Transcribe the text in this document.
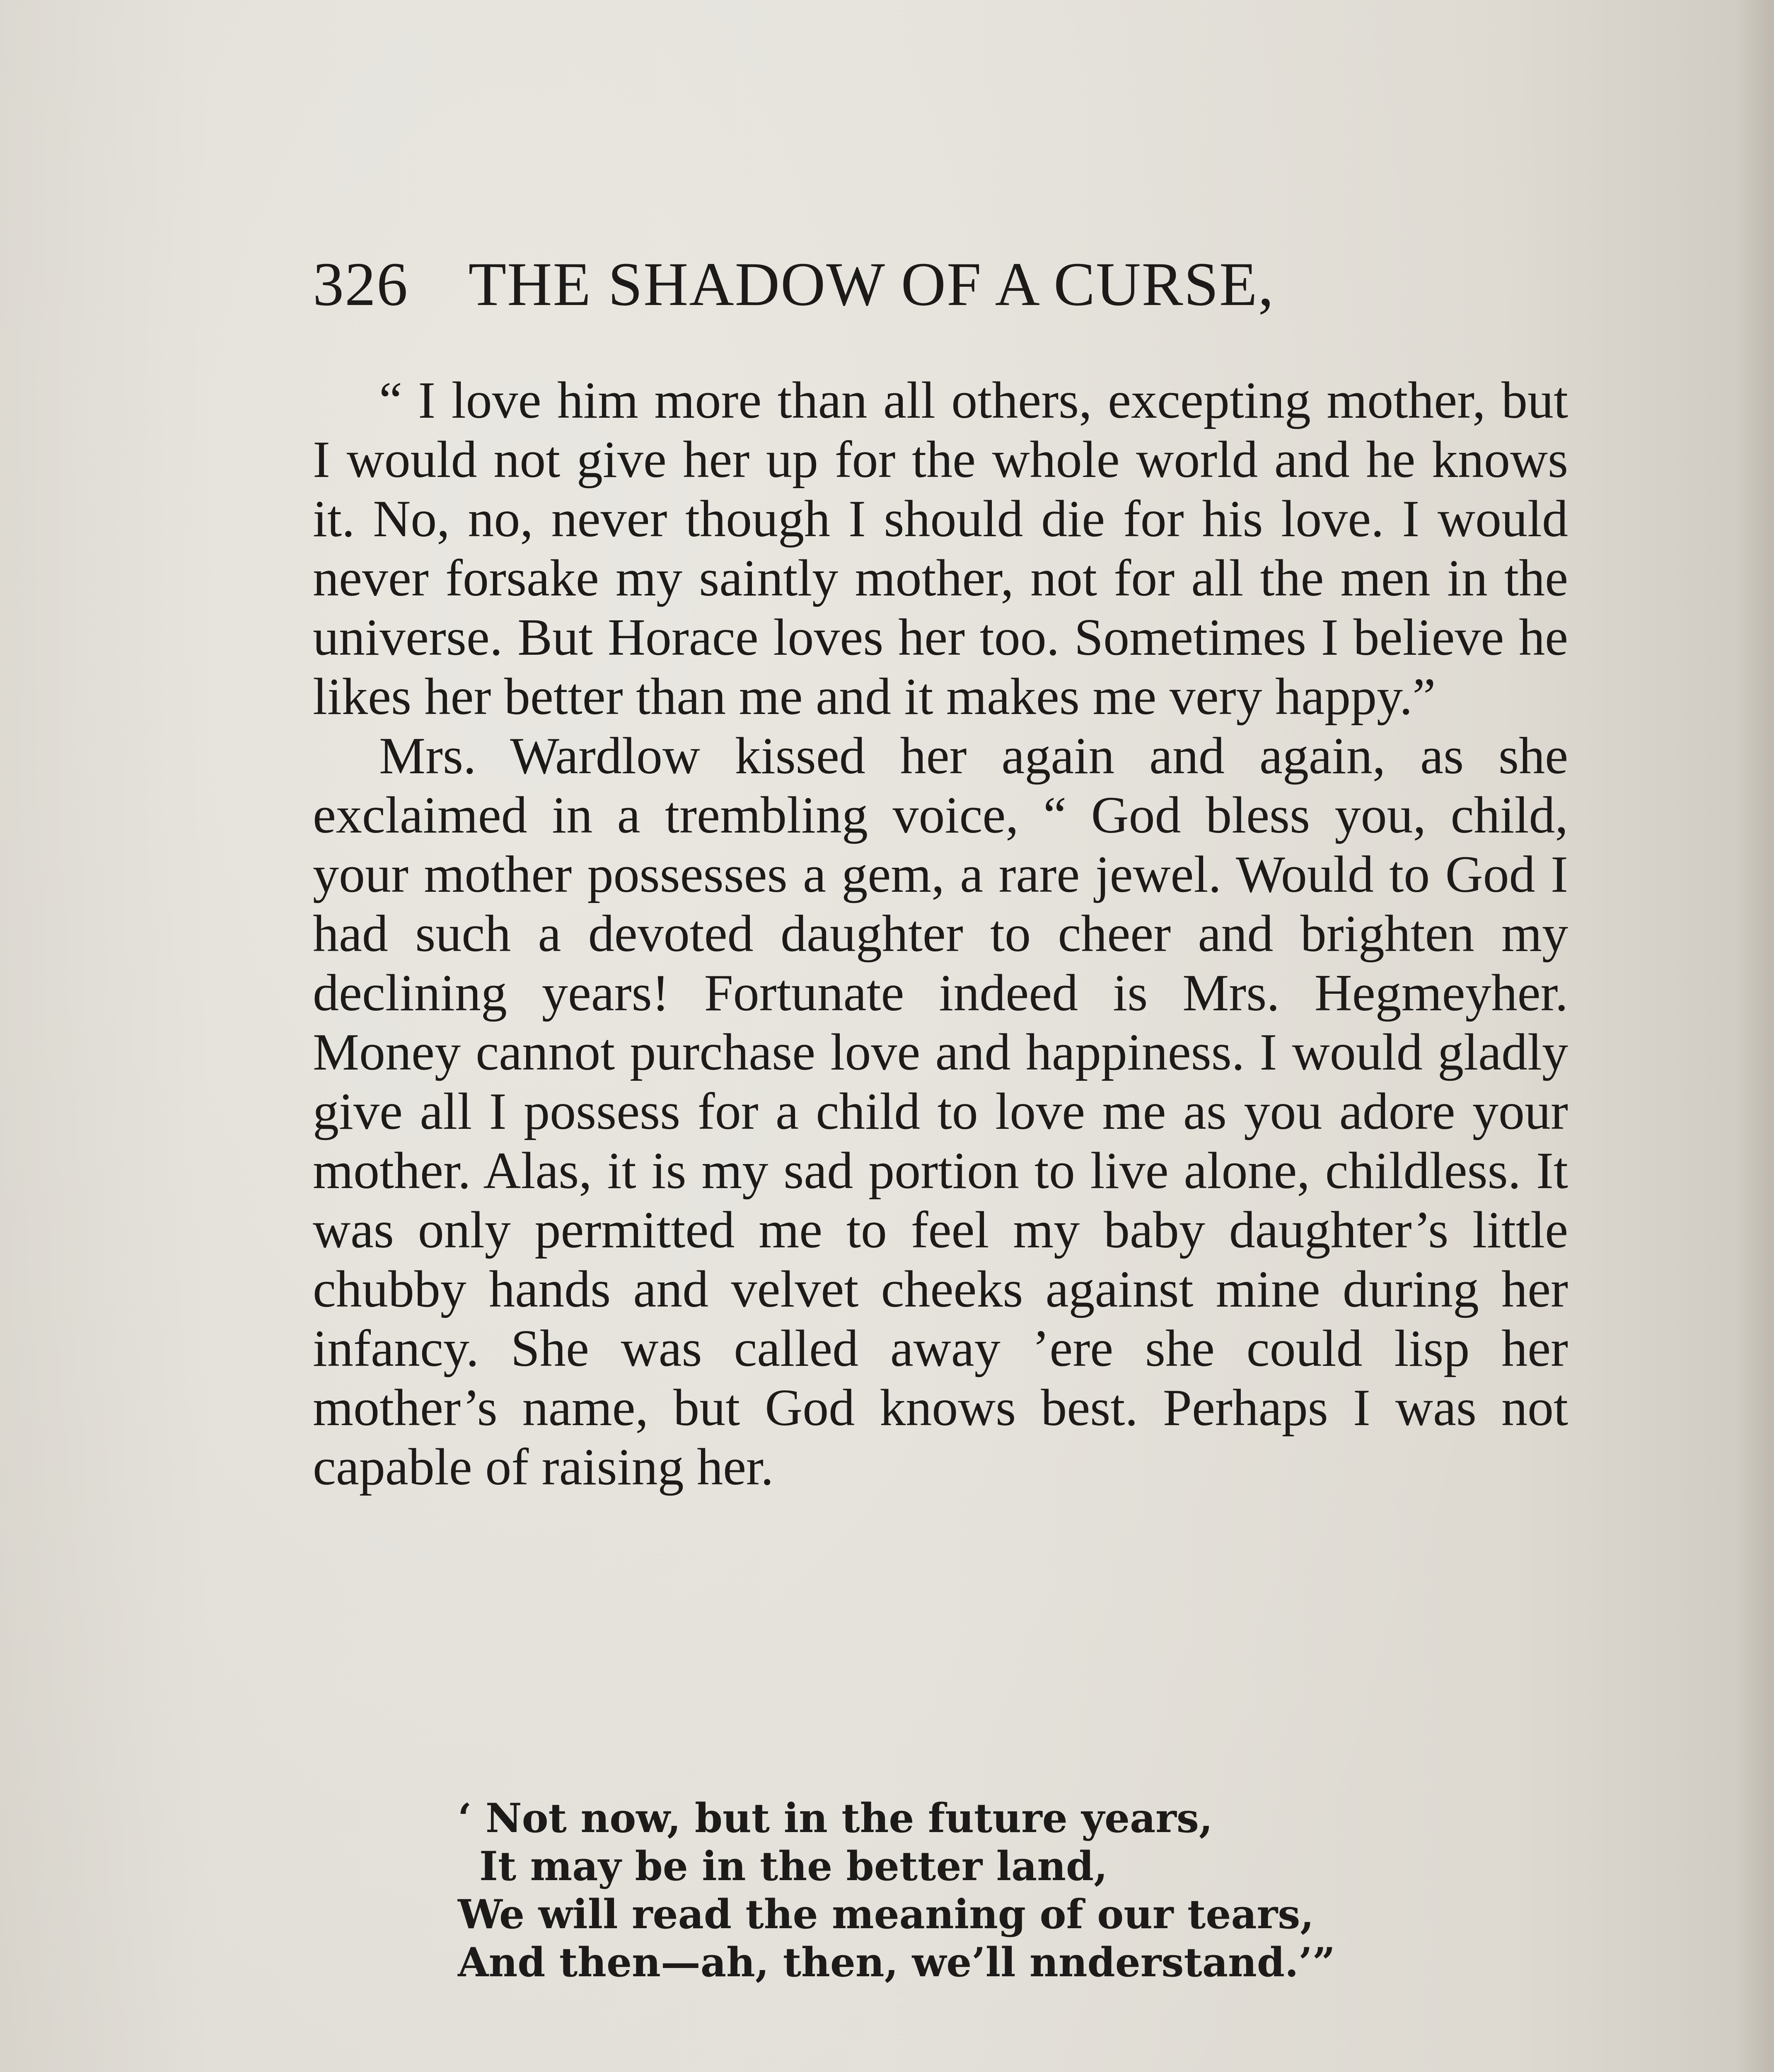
326 THE SHADOW OF A CURSE,

“ I love him more than all others, excepting mother, but I would not give her up for the whole world and he knows it. No, no, never though I should die for his love. I would never forsake my saintly mother, not for all the men in the universe. But Horace loves her too. Sometimes I believe he likes her better than me and it makes me very happy.”

Mrs. Wardlow kissed her again and again, as she exclaimed in a trembling voice, “ God bless you, child, your mother possesses a gem, a rare jewel. Would to God I had such a devoted daughter to cheer and brighten my declining years! Fortunate indeed is Mrs. Hegmeyher. Money cannot purchase love and happiness. I would gladly give all I possess for a child to love me as you adore your mother. Alas, it is my sad portion to live alone, childless. It was only permitted me to feel my baby daughter’s little chubby hands and velvet cheeks against mine during her infancy. She was called away ’ere she could lisp her mother’s name, but God knows best. Perhaps I was not capable of raising her.

‘ Not now, but in the future years,
It may be in the better land,
We will read the meaning of our tears,
And then—ah, then, we’ll nnderstand.’”
